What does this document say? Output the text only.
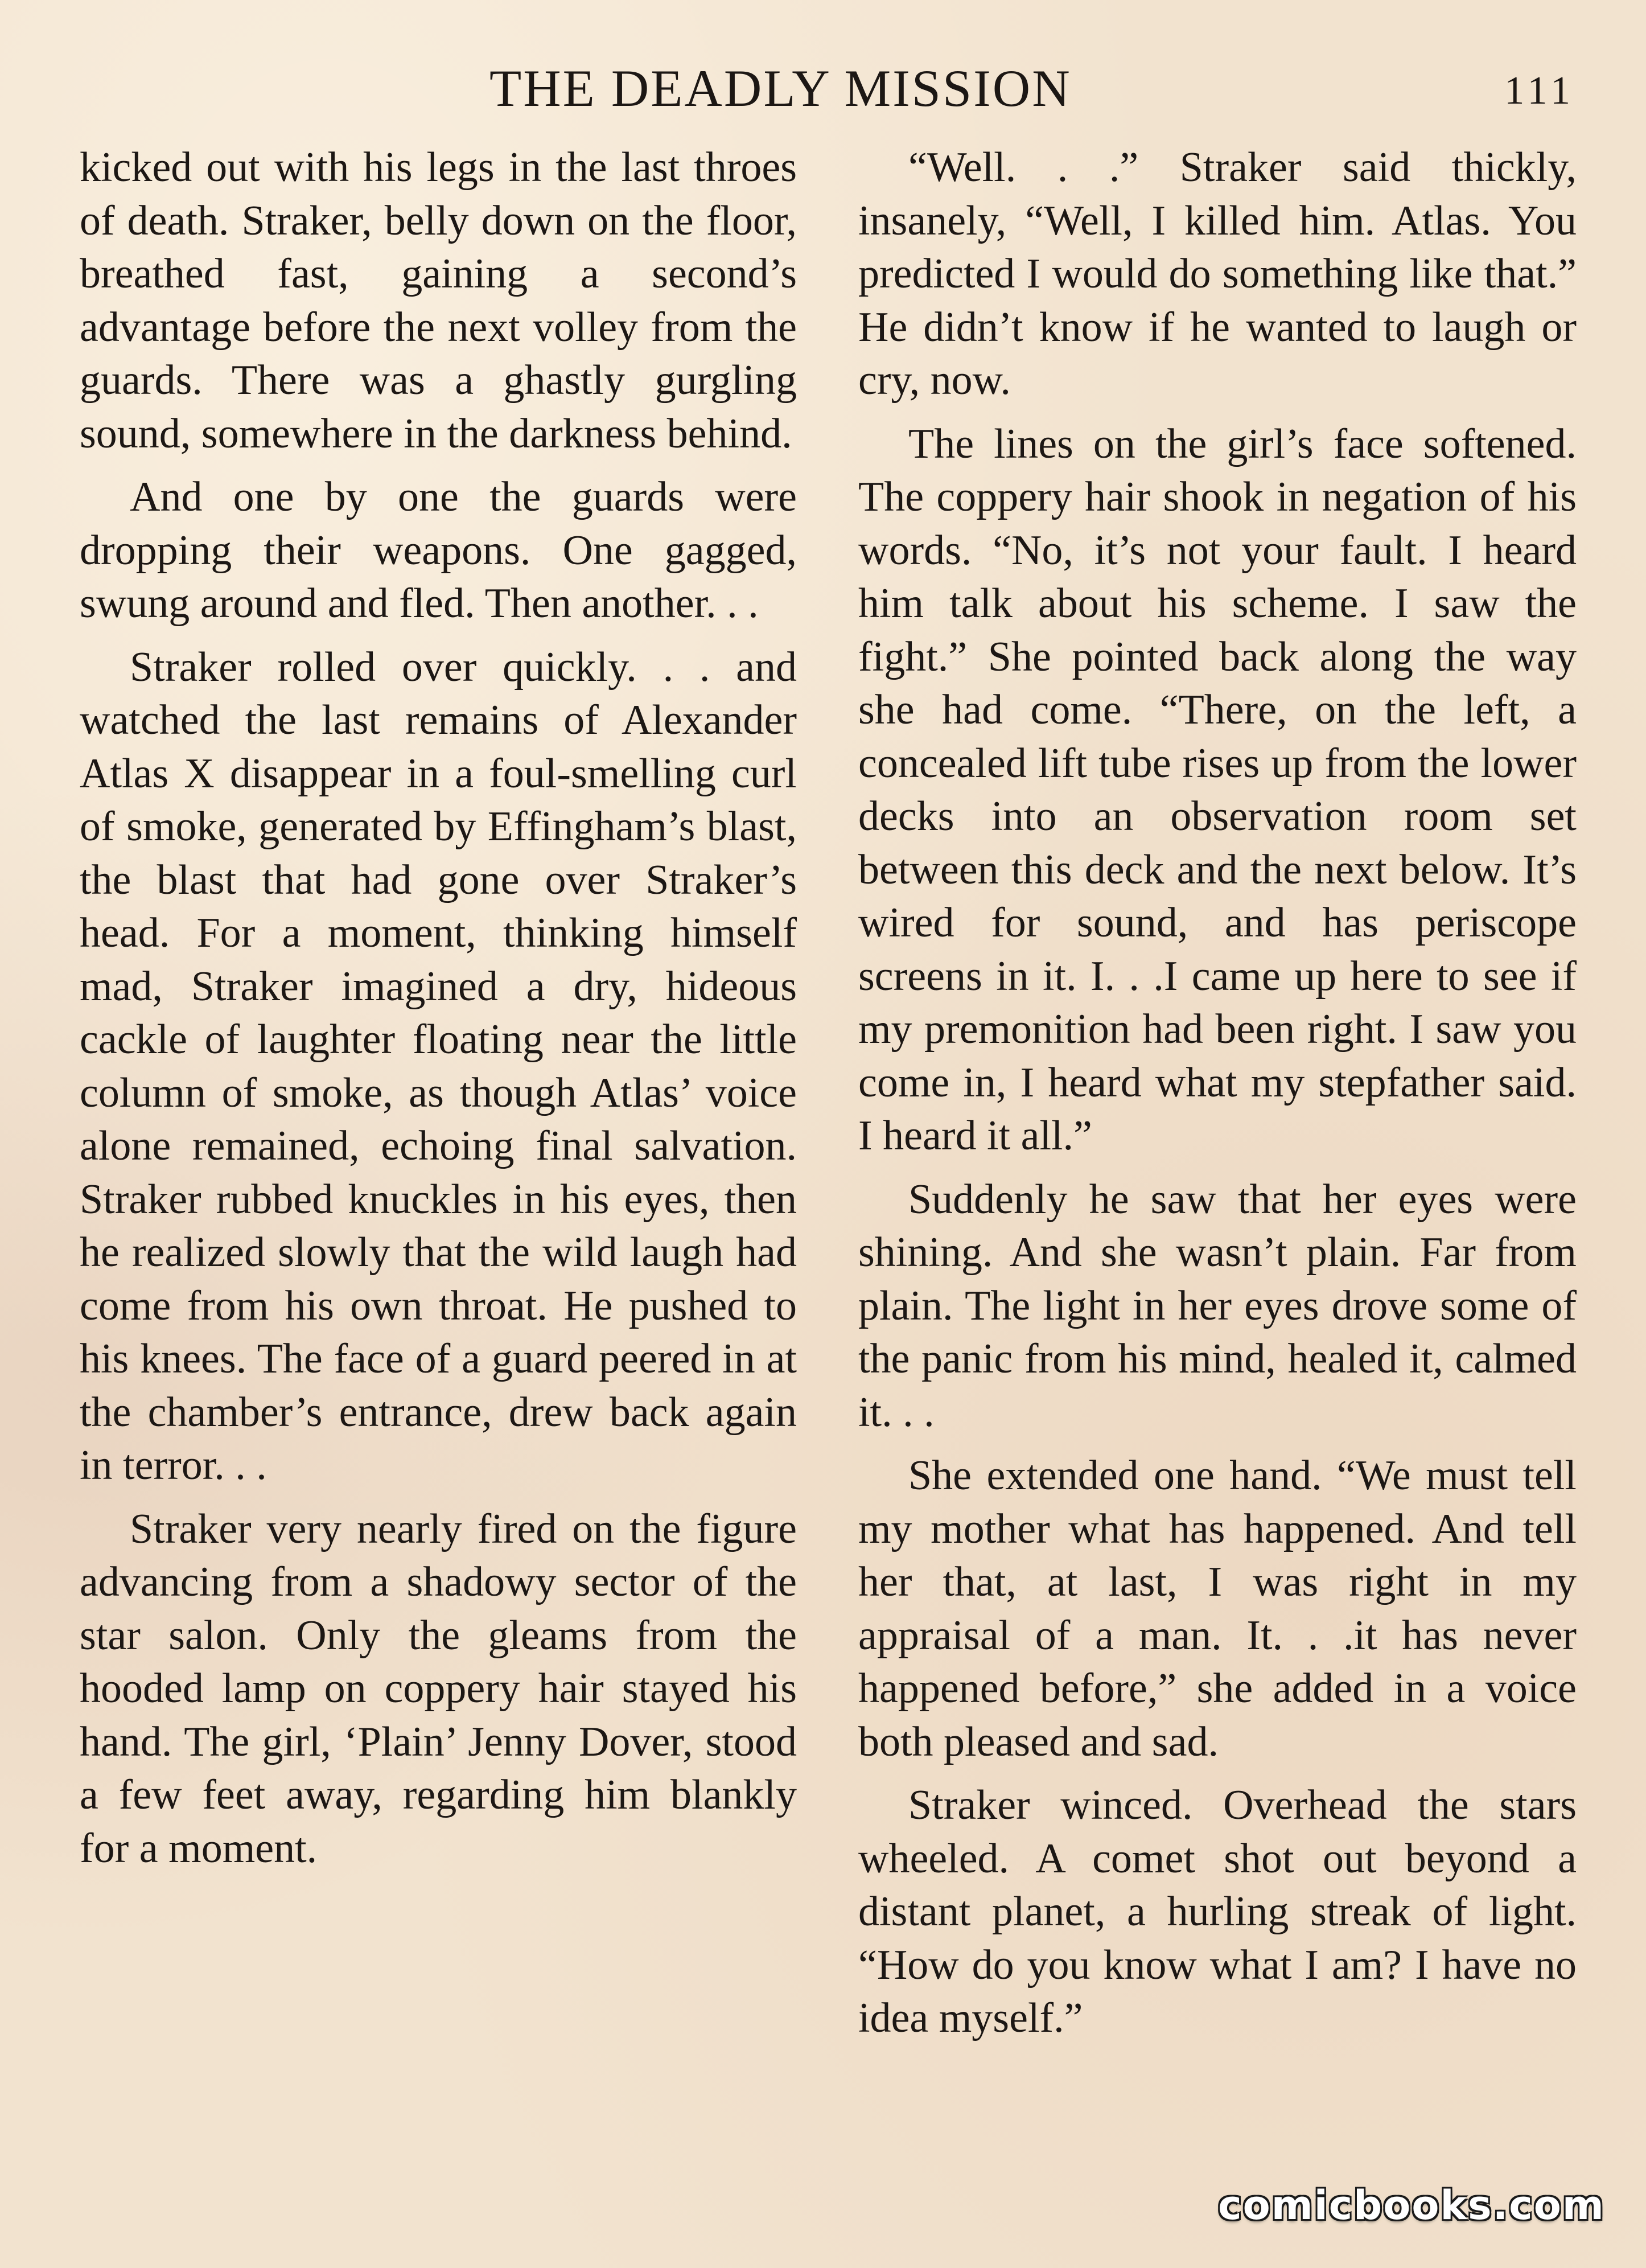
THE DEADLY MISSION	111

kicked out with his legs in the last throes of death. Straker, belly down on the floor, breathed fast, gaining a second’s advantage before the next volley from the guards. There was a ghastly gurgling sound, somewhere in the darkness behind.

And one by one the guards were dropping their weapons. One gagged, swung around and fled. Then another. . .

Straker rolled over quickly. . . and watched the last remains of Alexander Atlas X disappear in a foul-smelling curl of smoke, generated by Effingham’s blast, the blast that had gone over Straker’s head. For a moment, thinking himself mad, Straker imagined a dry, hideous cackle of laughter floating near the little column of smoke, as though Atlas’ voice alone remained, echoing final salvation. Straker rubbed knuckles in his eyes, then he realized slowly that the wild laugh had come from his own throat. He pushed to his knees. The face of a guard peered in at the chamber’s entrance, drew back again in terror. . .

Straker very nearly fired on the figure advancing from a shadowy sector of the star salon. Only the gleams from the hooded lamp on coppery hair stayed his hand. The girl, ‘Plain’ Jenny Dover, stood a few feet away, regarding him blankly for a moment.

“Well. . .” Straker said thickly, insanely, “Well, I killed him. Atlas. You predicted I would do something like that.” He didn’t know if he wanted to laugh or cry, now.

The lines on the girl’s face softened. The coppery hair shook in negation of his words. “No, it’s not your fault. I heard him talk about his scheme. I saw the fight.” She pointed back along the way she had come. “There, on the left, a concealed lift tube rises up from the lower decks into an observation room set between this deck and the next below. It’s wired for sound, and has periscope screens in it. I. . .I came up here to see if my premonition had been right. I saw you come in, I heard what my stepfather said. I heard it all.”

Suddenly he saw that her eyes were shining. And she wasn’t plain. Far from plain. The light in her eyes drove some of the panic from his mind, healed it, calmed it. . .

She extended one hand. “We must tell my mother what has happened. And tell her that, at last, I was right in my appraisal of a man. It. . .it has never happened before,” she added in a voice both pleased and sad.

Straker winced. Overhead the stars wheeled. A comet shot out beyond a distant planet, a hurling streak of light. “How do you know what I am? I have no idea myself.”

comicbooks.com
